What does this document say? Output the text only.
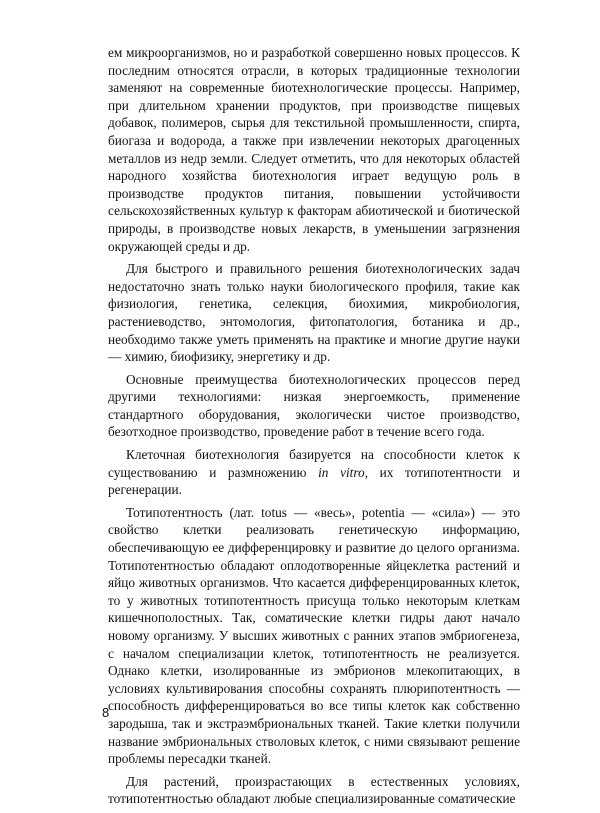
ем микроорганизмов, но и разработкой совершенно новых процессов. К последним относятся отрасли, в которых традиционные технологии заменяют на современные биотехнологические процессы. Например, при длительном хранении продуктов, при производстве пищевых добавок, полимеров, сырья для текстильной промышленности, спирта, биогаза и водорода, а также при извлечении некоторых драгоценных металлов из недр земли. Следует отметить, что для некоторых областей народного хозяйства биотехнология играет ведущую роль в производстве продуктов питания, повышении устойчивости сельскохозяйственных культур к факторам абиотической и биотической природы, в производстве новых лекарств, в уменьшении загрязнения окружающей среды и др.

Для быстрого и правильного решения биотехнологических задач недостаточно знать только науки биологического профиля, такие как физиология, генетика, селекция, биохимия, микробиология, растениеводство, энтомология, фитопатология, ботаника и др., необходимо также уметь применять на практике и многие другие науки — химию, биофизику, энергетику и др.

Основные преимущества биотехнологических процессов перед другими технологиями: низкая энергоемкость, применение стандартного оборудования, экологически чистое производство, безотходное производство, проведение работ в течение всего года.

Клеточная биотехнология базируется на способности клеток к существованию и размножению in vitro, их тотипотентности и регенерации.

Тотипотентность (лат. totus — «весь», potentia — «сила») — это свойство клетки реализовать генетическую информацию, обеспечивающую ее дифференцировку и развитие до целого организма. Тотипотентностью обладают оплодотворенные яйцеклетка растений и яйцо животных организмов. Что касается дифференцированных клеток, то у животных тотипотентность присуща только некоторым клеткам кишечнополостных. Так, соматические клетки гидры дают начало новому организму. У высших животных с ранних этапов эмбриогенеза, с началом специализации клеток, тотипотентность не реализуется. Однако клетки, изолированные из эмбрионов млекопитающих, в условиях культивирования способны сохранять плюрипотентность — способность дифференцироваться во все типы клеток как собственно зародыша, так и экстраэмбриональных тканей. Такие клетки получили название эмбриональных стволовых клеток, с ними связывают решение проблемы пересадки тканей.

Для растений, произрастающих в естественных условиях, тотипотентностью обладают любые специализированные соматические

8
